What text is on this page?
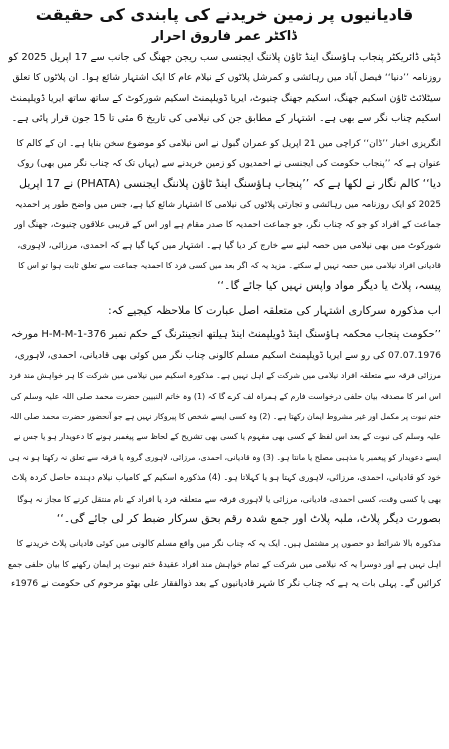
قادیانیوں پر زمین خریدنے کی پابندی کی حقیقت
ڈاکٹر عمر فاروق احرار
ڈپٹی ڈائریکٹر پنجاب ہاؤسنگ اینڈ ٹاؤن پلاننگ ایجنسی سب ریجن جھنگ کی جانب سے 17 اپریل 2025 کو
روزنامہ ’’دنیا‘‘ فیصل آباد میں رہائشی و کمرشل پلاٹوں کے نیلام عام کا ایک اشتہار شائع ہوا۔ ان پلاٹوں کا تعلق
سیٹلائٹ ٹاؤن اسکیم جھنگ، اسکیم جھنگ چنیوٹ، ایریا ڈویلپمنٹ اسکیم شورکوٹ کے ساتھ ساتھ ایریا ڈویلپمنٹ
اسکیم چناب نگر سے بھی ہے۔ اشتہار کے مطابق جن کی نیلامی کی تاریخ 6 مئی تا 15 جون قرار پائی ہے۔
انگریزی اخبار ’’ڈان‘‘ کراچی میں 21 اپریل کو عمران گبول نے اس نیلامی کو موضوع سخن بنایا ہے۔ ان کے کالم کا
عنوان ہے کہ ’’پنجاب حکومت کی ایجنسی نے احمدیوں کو زمین خریدنے سے (یہاں تک کہ چناب نگر میں بھی) روک
دیا‘‘ کالم نگار نے لکھا ہے کہ ’’پنجاب ہاؤسنگ اینڈ ٹاؤن پلاننگ ایجنسی (PHATA) نے 17 اپریل
2025 کو ایک روزنامہ میں رہائشی و تجارتی پلاٹوں کی نیلامی کا اشتہار شائع کیا ہے، جس میں واضح طور پر احمدیہ
جماعت کے افراد کو جو کہ چناب نگر، جو جماعت احمدیہ کا صدر مقام ہے اور اس کے قریبی علاقوں چنیوٹ، جھنگ اور
شورکوٹ میں بھی نیلامی میں حصہ لینے سے خارج کر دیا گیا ہے۔ اشتہار میں کہا گیا ہے کہ احمدی، مرزائی، لاہوری،
قادیانی افراد نیلامی میں حصہ نہیں لے سکتے۔ مزید یہ کہ اگر بعد میں کسی فرد کا احمدیہ جماعت سے تعلق ثابت ہوا تو اس کا
پیسہ، پلاٹ یا دیگر مواد واپس نہیں کیا جائے گا۔‘‘
اب مذکورہ سرکاری اشتہار کی متعلقہ اصل عبارت کا ملاحظہ کیجیے کہ:
’’حکومت پنجاب محکمہ ہاؤسنگ اینڈ ڈویلپمنٹ اینڈ ہیلتھ انجینئرنگ کے حکم نمبر 376-H-M-M-1 مورخہ
07.07.1976 کی رو سے ایریا ڈویلپمنٹ اسکیم مسلم کالونی چناب نگر میں کوئی بھی قادیانی، احمدی، لاہوری،
مرزائی فرقہ سے متعلقہ افراد نیلامی میں شرکت کے اہل نہیں ہے۔ مذکورہ اسکیم میں نیلامی میں شرکت کا ہر خواہش مند فرد
اس امر کا مصدقہ بیان حلفی درخواست فارم کے ہمراہ لف کرے گا کہ (1) وہ خاتم النبیین حضرت محمد صلی اللہ علیہ وسلم کی
ختم نبوت پر مکمل اور غیر مشروط ایمان رکھتا ہے۔ (2) وہ کسی ایسے شخص کا پیروکار نہیں ہے جو آنحضور حضرت محمد صلی اللہ
علیہ وسلم کی نبوت کے بعد اس لفظ کے کسی بھی مفہوم یا کسی بھی تشریح کے لحاظ سے پیغمبر ہونے کا دعویدار ہو یا جس نے
ایسے دعویدار کو پیغمبر یا مذہبی مصلح یا مانتا ہو۔ (3) وہ قادیانی، احمدی، مرزائی، لاہوری گروہ یا فرقہ سے تعلق نہ رکھتا ہو نہ ہی
خود کو قادیانی، احمدی، مرزائی، لاہوری کہتا ہو یا کہلاتا ہو۔ (4) مذکورہ اسکیم کے کامیاب نیلام دہندہ حاصل کردہ پلاٹ
بھی یا کسی وقت، کسی احمدی، قادیانی، مرزائی یا لاہوری فرقہ سے متعلقہ فرد یا افراد کے نام منتقل کرنے کا مجاز نہ ہوگا
بصورت دیگر پلاٹ، ملبہ پلاٹ اور جمع شدہ رقم بحق سرکار ضبط کر لی جائے گی۔‘‘
مذکورہ بالا شرائط دو حصوں پر مشتمل ہیں۔ ایک یہ کہ چناب نگر میں واقع مسلم کالونی میں کوئی قادیانی پلاٹ خریدنے کا
اہل نہیں ہے اور دوسرا یہ کہ نیلامی میں شرکت کے تمام خواہش مند افراد عقیدۂ ختم نبوت پر ایمان رکھنے کا بیان حلفی جمع
کرائیں گے۔ پہلی بات یہ ہے کہ چناب نگر کا شہر قادیانیوں کے بعد ذوالفقار علی بھٹو مرحوم کی حکومت نے 1976ء
